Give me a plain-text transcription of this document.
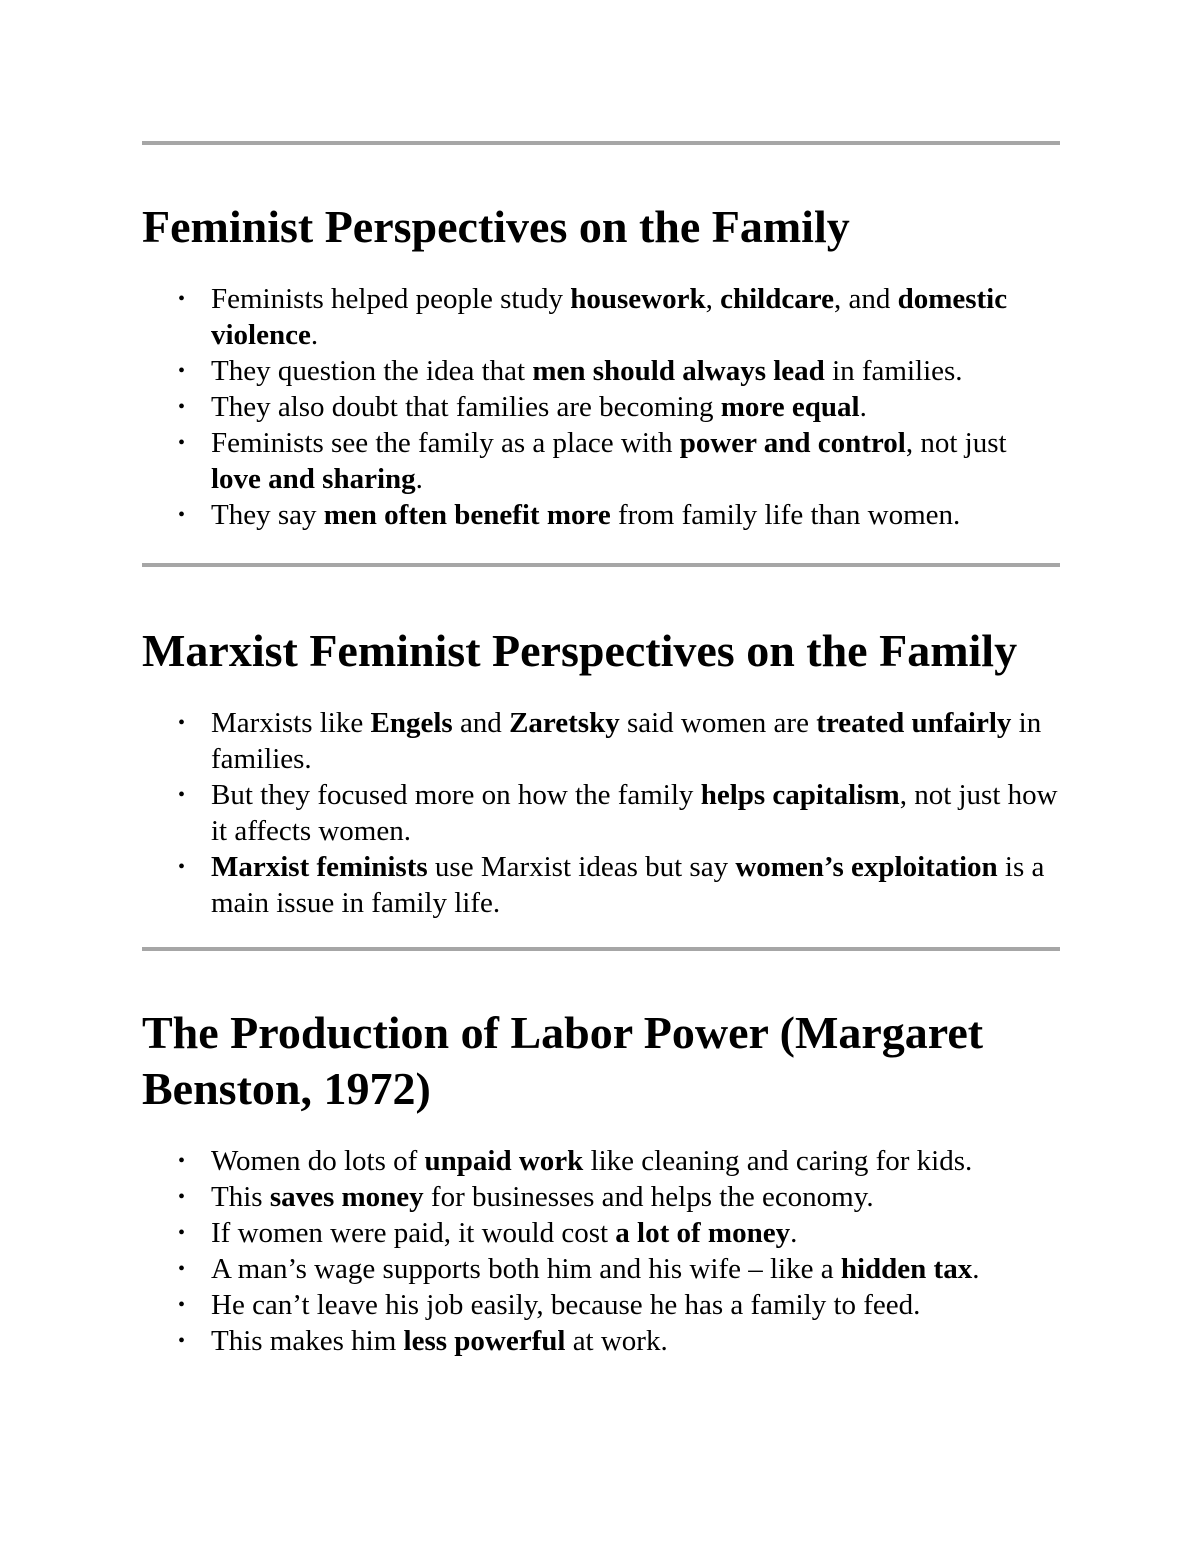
Feminist Perspectives on the Family
• Feminists helped people study housework, childcare, and domestic violence.
• They question the idea that men should always lead in families.
• They also doubt that families are becoming more equal.
• Feminists see the family as a place with power and control, not just love and sharing.
• They say men often benefit more from family life than women.
Marxist Feminist Perspectives on the Family
• Marxists like Engels and Zaretsky said women are treated unfairly in families.
• But they focused more on how the family helps capitalism, not just how it affects women.
• Marxist feminists use Marxist ideas but say women’s exploitation is a main issue in family life.
The Production of Labor Power (Margaret Benston, 1972)
• Women do lots of unpaid work like cleaning and caring for kids.
• This saves money for businesses and helps the economy.
• If women were paid, it would cost a lot of money.
• A man’s wage supports both him and his wife – like a hidden tax.
• He can’t leave his job easily, because he has a family to feed.
• This makes him less powerful at work.
